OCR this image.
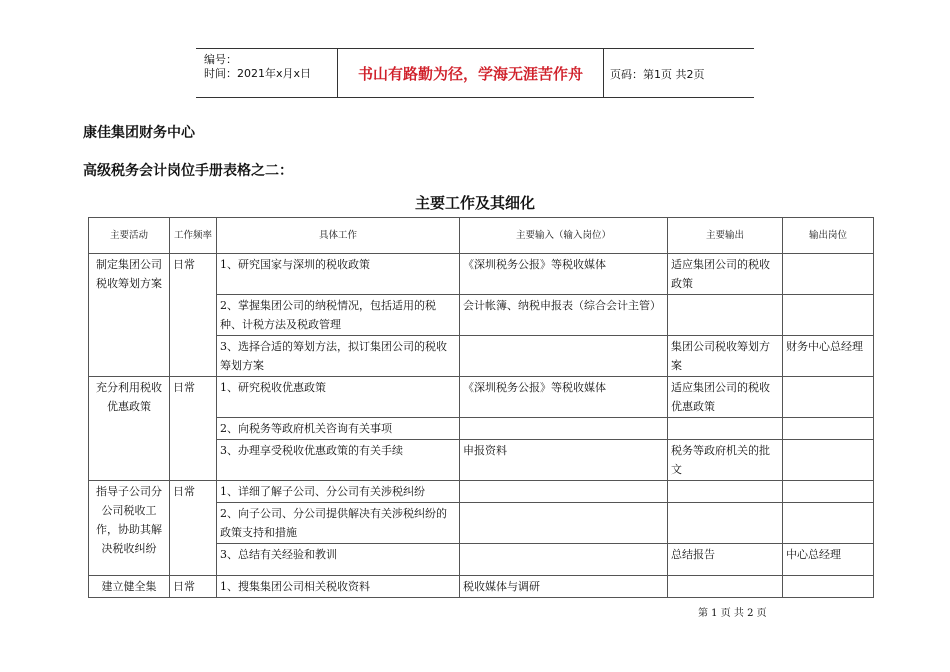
编号：
时间：2021年x月x日	书山有路勤为径，学海无涯苦作舟	页码：第1页 共2页
康佳集团财务中心
高级税务会计岗位手册表格之二：
主要工作及其细化
主要活动	工作频率	具体工作	主要输入（输入岗位）	主要输出	输出岗位
制定集团公司税收筹划方案	日常	1、研究国家与深圳的税收政策	《深圳税务公报》等税收媒体	适应集团公司的税收政策	
		2、掌握集团公司的纳税情况，包括适用的税种、计税方法及税政管理	会计帐簿、纳税申报表（综合会计主管）		
		3、选择合适的筹划方法，拟订集团公司的税收筹划方案		集团公司税收筹划方案	财务中心总经理
充分利用税收优惠政策	日常	1、研究税收优惠政策	《深圳税务公报》等税收媒体	适应集团公司的税收优惠政策	
		2、向税务等政府机关咨询有关事项			
		3、办理享受税收优惠政策的有关手续	申报资料	税务等政府机关的批文	
指导子公司分公司税收工作，协助其解决税收纠纷	日常	1、详细了解子公司、分公司有关涉税纠纷			
		2、向子公司、分公司提供解决有关涉税纠纷的政策支持和措施			
		3、总结有关经验和教训		总结报告	中心总经理
建立健全集	日常	1、搜集集团公司相关税收资料	税收媒体与调研		
第 1 页 共 2 页
